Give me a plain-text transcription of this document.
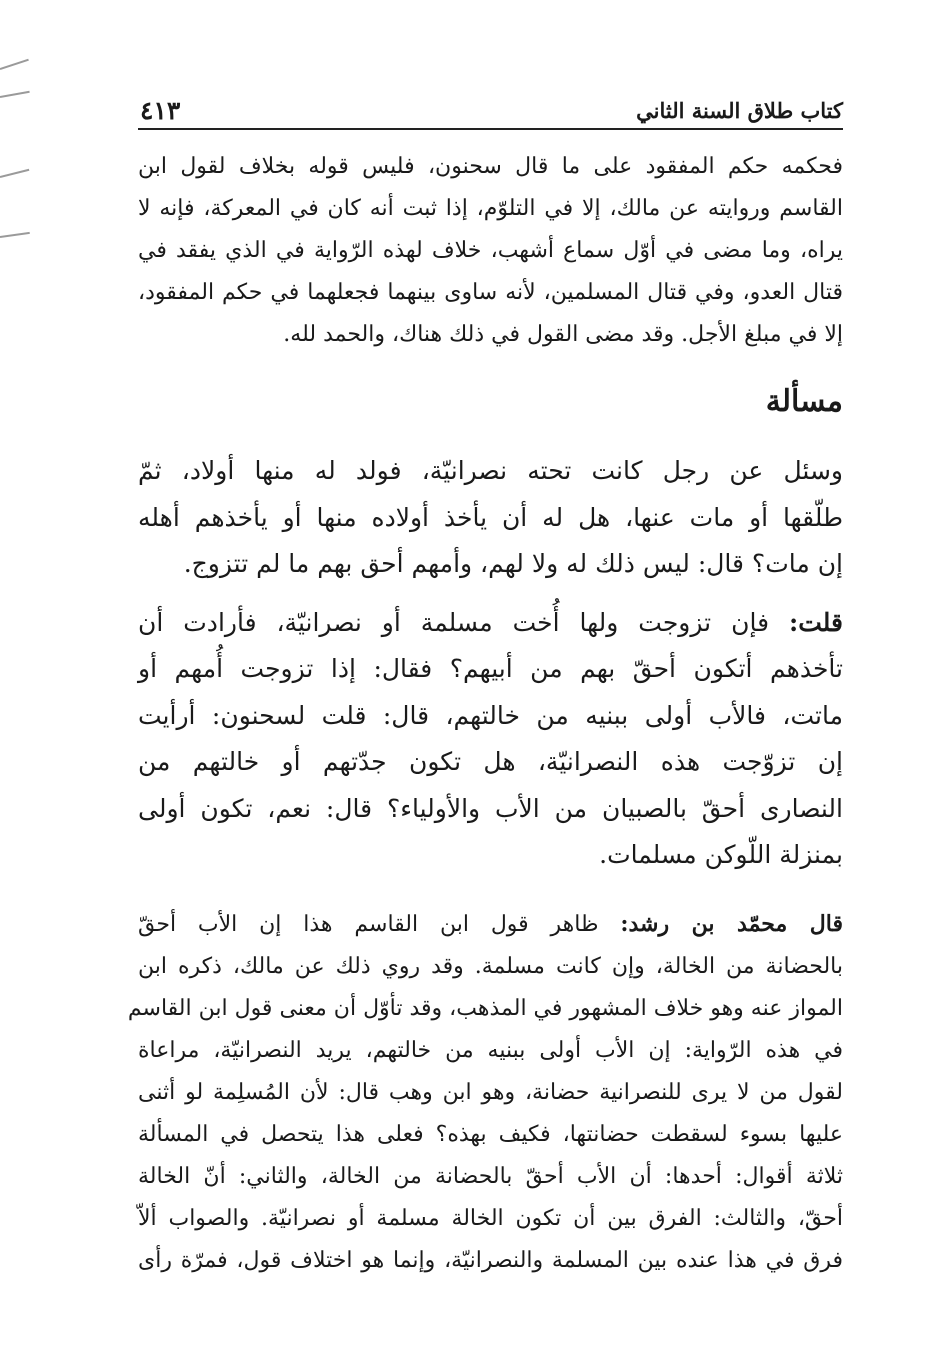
كتاب طلاق السنة الثاني
٤١٣

فحكمه حكم المفقود على ما قال سحنون، فليس قوله بخلاف لقول ابن
القاسم وروايته عن مالك، إلا في التلوّم، إذا ثبت أنه كان في المعركة، فإنه لا
يراه، وما مضى في أوّل سماع أشهب، خلاف لهذه الرّواية في الذي يفقد في
قتال العدو، وفي قتال المسلمين، لأنه ساوى بينهما فجعلهما في حكم المفقود،
إلا في مبلغ الأجل. وقد مضى القول في ذلك هناك، والحمد لله.

مسألة

وسئل عن رجل كانت تحته نصرانيّة، فولد له منها أولاد، ثمّ
طلّقها أو مات عنها، هل له أن يأخذ أولاده منها أو يأخذهم أهله
إن مات؟ قال: ليس ذلك له ولا لهم، وأمهم أحق بهم ما لم تتزوج.

قلت: فإن تزوجت ولها أُخت مسلمة أو نصرانيّة، فأرادت أن
تأخذهم أتكون أحقّ بهم من أبيهم؟ فقال: إذا تزوجت أُمهم أو
ماتت، فالأب أولى ببنيه من خالتهم، قال: قلت لسحنون: أرأيت
إن تزوّجت هذه النصرانيّة، هل تكون جدّتهم أو خالتهم من
النصارى أحقّ بالصبيان من الأب والأولياء؟ قال: نعم، تكون أولى
بمنزلة اللّوكن مسلمات.

قال محمّد بن رشد: ظاهر قول ابن القاسم هذا إن الأب أحقّ
بالحضانة من الخالة، وإن كانت مسلمة. وقد روي ذلك عن مالك، ذكره ابن
المواز عنه وهو خلاف المشهور في المذهب، وقد تأوّل أن معنى قول ابن القاسم
في هذه الرّواية: إن الأب أولى ببنيه من خالتهم، يريد النصرانيّة، مراعاة
لقول من لا يرى للنصرانية حضانة، وهو ابن وهب قال: لأن المُسلِمة لو أثنى
عليها بسوء لسقطت حضانتها، فكيف بهذه؟ فعلى هذا يتحصل في المسألة
ثلاثة أقوال: أحدها: أن الأب أحقّ بالحضانة من الخالة، والثاني: أنّ الخالة
أحقّ، والثالث: الفرق بين أن تكون الخالة مسلمة أو نصرانيّة. والصواب ألاّ
فرق في هذا عنده بين المسلمة والنصرانيّة، وإنما هو اختلاف قول، فمرّة رأى
